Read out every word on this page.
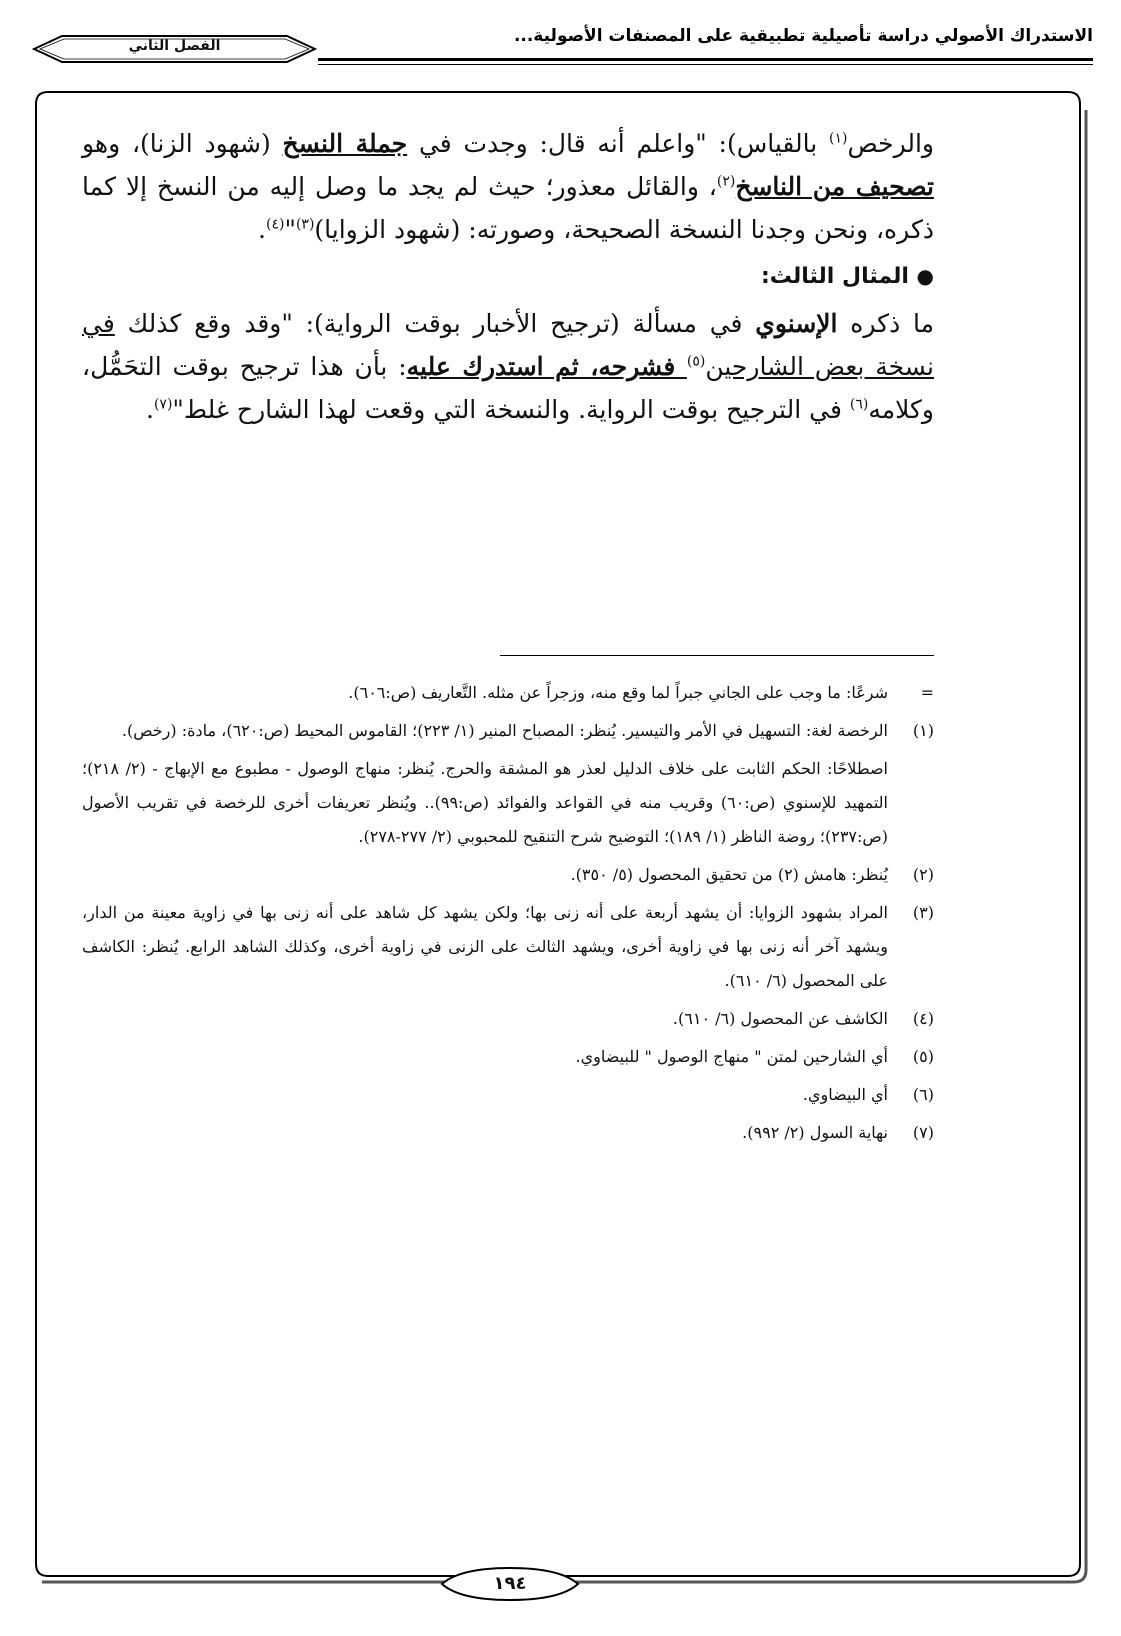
الاستدراك الأصولي دراسة تأصيلية تطبيقية على المصنفات الأصولية...
الفصل الثاني

والرخص$^{(١)}$ بالقياس): "واعلم أنه قال: وجدت في جملة النسخ (شهود الزنا)، وهو تصحيف من الناسخ$^{(٢)}$، والقائل معذور؛ حيث لم يجد ما وصل إليه من النسخ إلا كما ذكره، ونحن وجدنا النسخة الصحيحة، وصورته: (شهود الزوايا)$^{(٣)}$"$^{(٤)}$.

● المثال الثالث:

ما ذكره الإسنوي في مسألة (ترجيح الأخبار بوقت الرواية): "وقد وقع كذلك في نسخة بعض الشارحين$^{(٥)}$ فشرحه، ثم استدرك عليه: بأن هذا ترجيح بوقت التحَمُّل، وكلامه$^{(٦)}$ في الترجيح بوقت الرواية. والنسخة التي وقعت لهذا الشارح غلط"$^{(٧)}$.

=
شرعًا: ما وجب على الجاني جبراً لما وقع منه، وزجراً عن مثله. التَّعاريف (ص:٦٠٦).
(١)
الرخصة لغة: التسهيل في الأمر والتيسير. يُنظر: المصباح المنير (١/ ٢٢٣)؛ القاموس المحيط (ص:٦٢٠)، مادة: (رخص).
اصطلاحًا: الحكم الثابت على خلاف الدليل لعذر هو المشقة والحرج. يُنظر: منهاج الوصول - مطبوع مع الإبهاج - (٢/ ٢١٨)؛ التمهيد للإسنوي (ص:٦٠) وقريب منه في القواعد والفوائد (ص:٩٩).. ويُنظر تعريفات أخرى للرخصة في تقريب الأصول (ص:٢٣٧)؛ روضة الناظر (١/ ١٨٩)؛ التوضيح شرح التنقيح للمحبوبي (٢/ ٢٧٧-٢٧٨).
(٢)
يُنظر: هامش (٢) من تحقيق المحصول (٥/ ٣٥٠).
(٣)
المراد بشهود الزوايا: أن يشهد أربعة على أنه زنى بها؛ ولكن يشهد كل شاهد على أنه زنى بها في زاوية معينة من الدار، ويشهد آخر أنه زنى بها في زاوية أخرى، ويشهد الثالث على الزنى في زاوية أخرى، وكذلك الشاهد الرابع. يُنظر: الكاشف على المحصول (٦/ ٦١٠).
(٤)
الكاشف عن المحصول (٦/ ٦١٠).
(٥)
أي الشارحين لمتن " منهاج الوصول " للبيضاوي.
(٦)
أي البيضاوي.
(٧)
نهاية السول (٢/ ٩٩٢).
١٩٤
